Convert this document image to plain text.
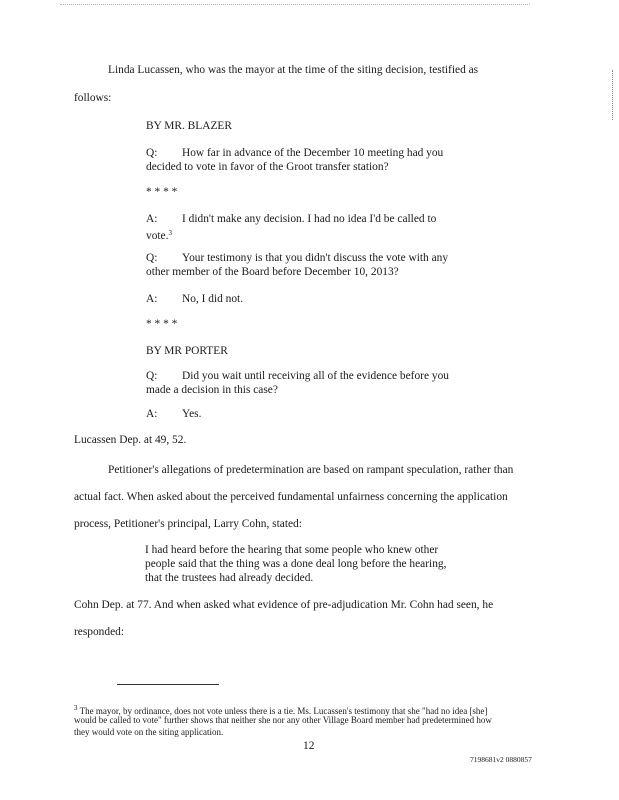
Linda Lucassen, who was the mayor at the time of the siting decision, testified as
follows:
BY MR. BLAZER
Q: How far in advance of the December 10 meeting had you
decided to vote in favor of the Groot transfer station?
* * * *
A: I didn't make any decision. I had no idea I'd be called to
vote.$^3$
Q: Your testimony is that you didn't discuss the vote with any
other member of the Board before December 10, 2013?
A: No, I did not.
* * * *
BY MR PORTER
Q: Did you wait until receiving all of the evidence before you
made a decision in this case?
A: Yes.
Lucassen Dep. at 49, 52.
Petitioner's allegations of predetermination are based on rampant speculation, rather than
actual fact. When asked about the perceived fundamental unfairness concerning the application
process, Petitioner's principal, Larry Cohn, stated:
I had heard before the hearing that some people who knew other
people said that the thing was a done deal long before the hearing,
that the trustees had already decided.
Cohn Dep. at 77. And when asked what evidence of pre-adjudication Mr. Cohn had seen, he
responded:
$^3$ The mayor, by ordinance, does not vote unless there is a tie. Ms. Lucassen's testimony that she "had no idea [she]
would be called to vote" further shows that neither she nor any other Village Board member had predetermined how
they would vote on the siting application.
12
7198681v2 0880857
